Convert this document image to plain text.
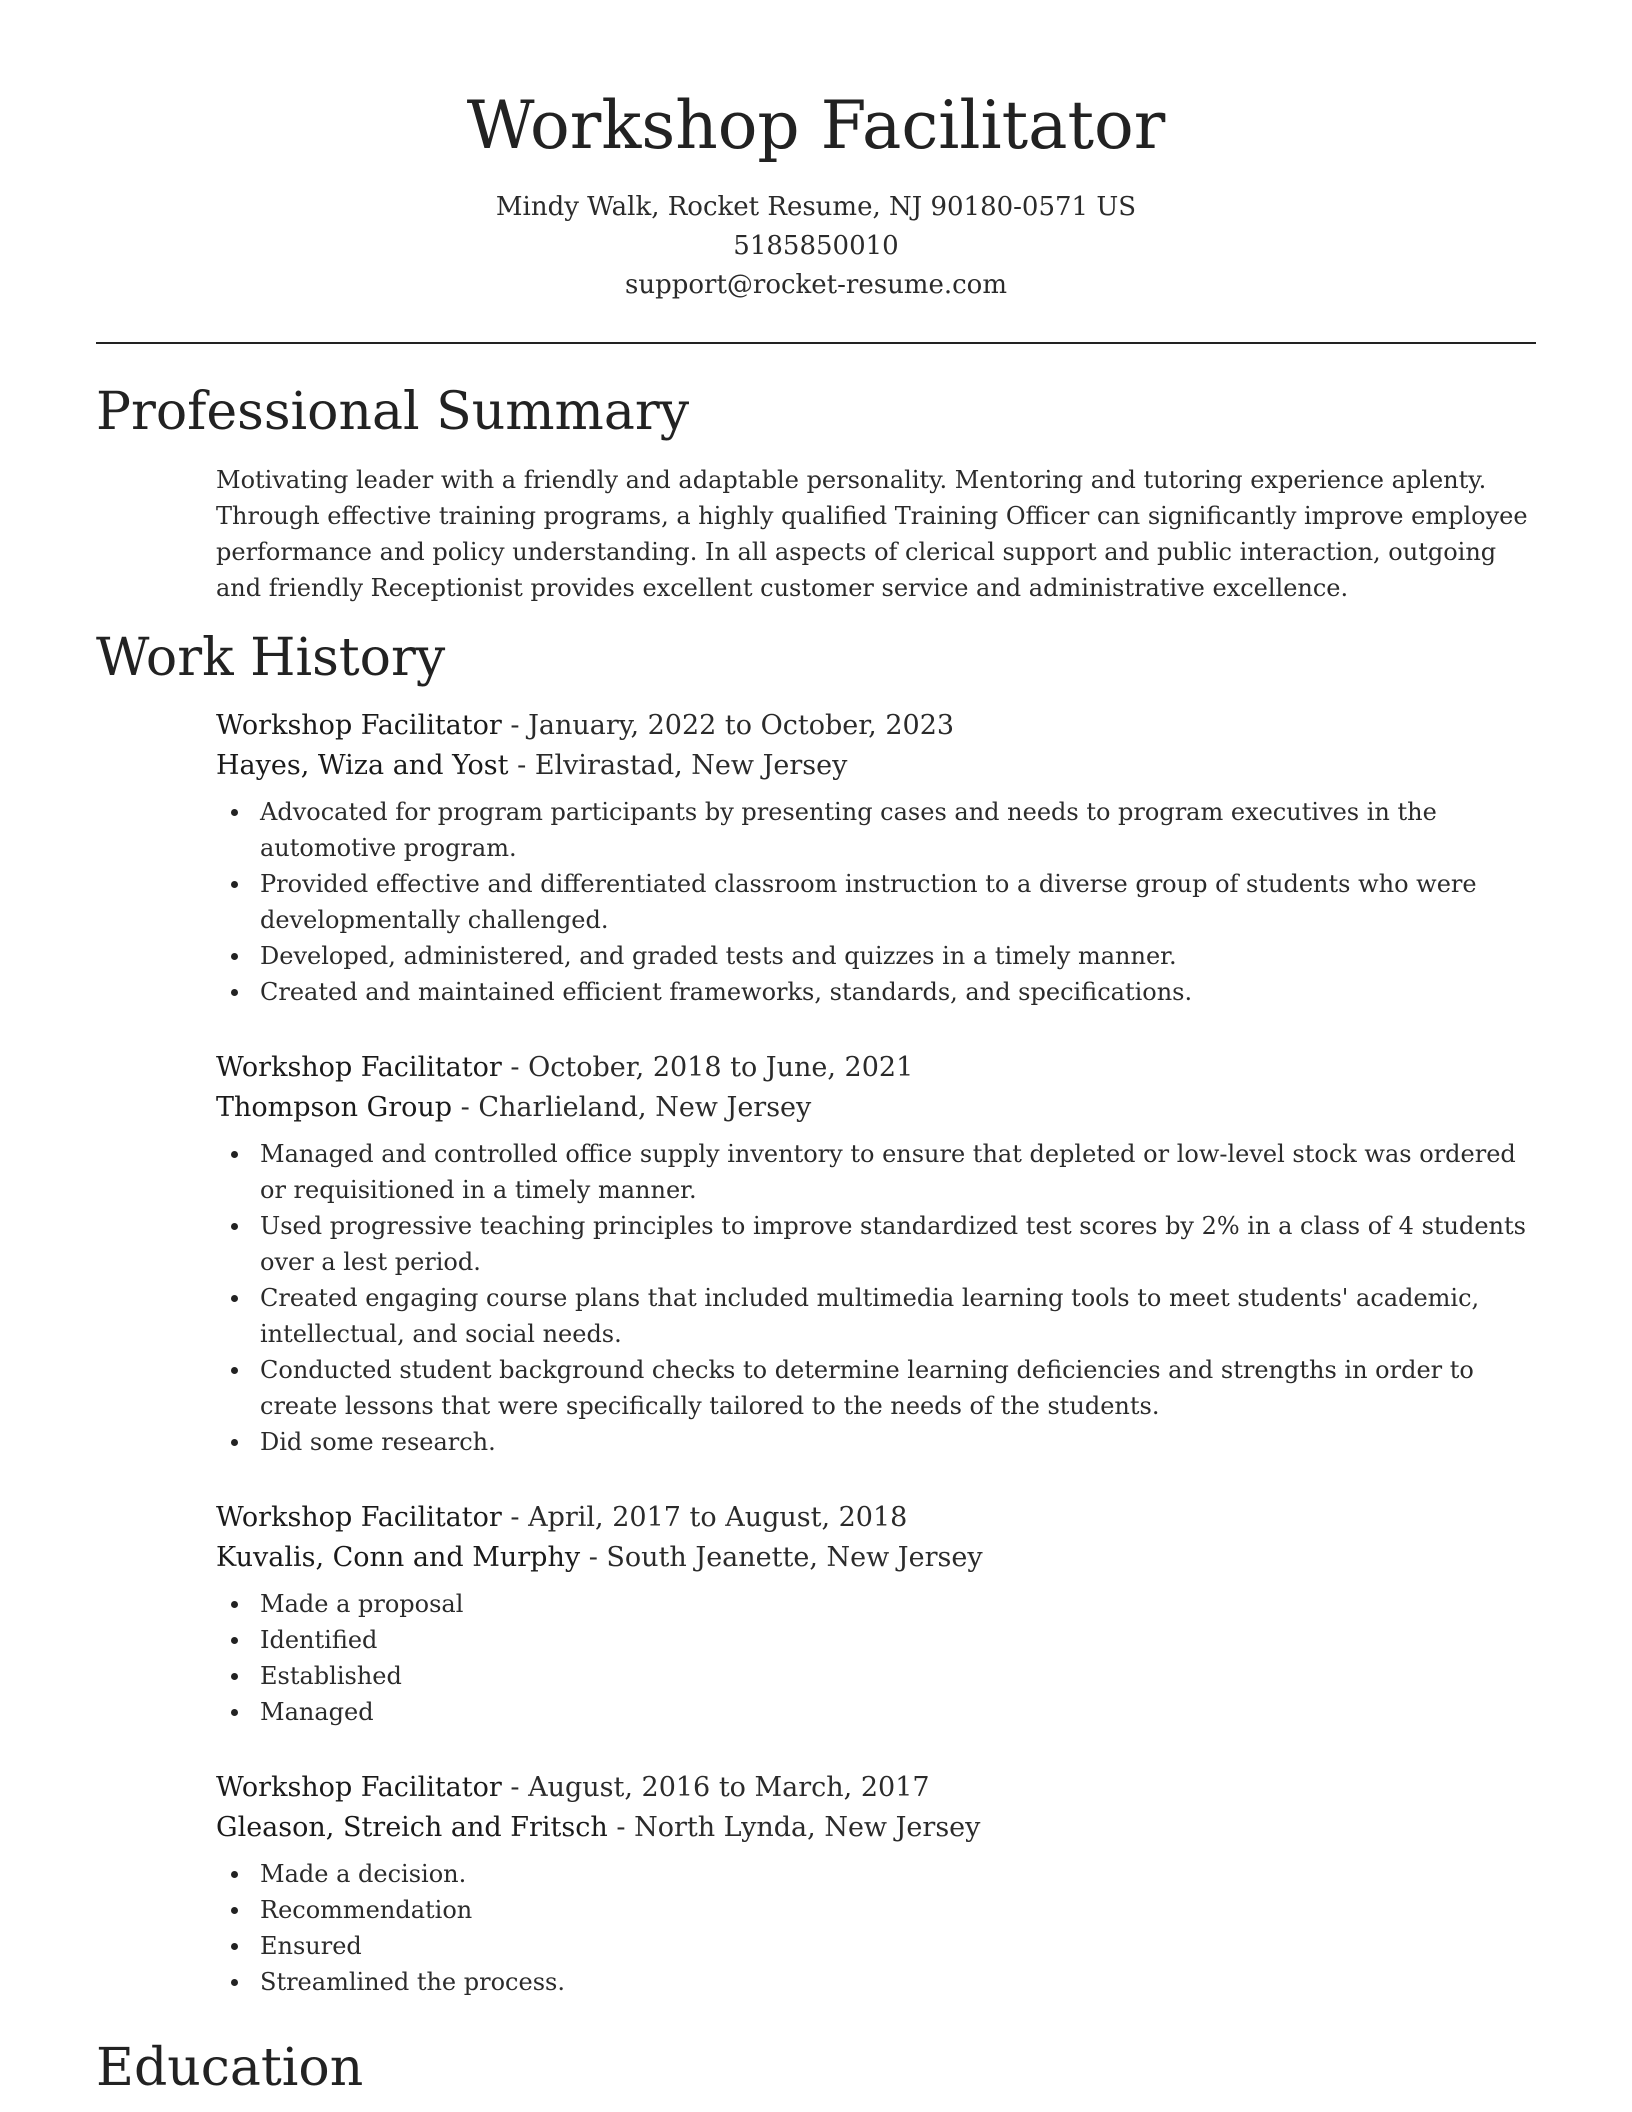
Workshop Facilitator
Mindy Walk, Rocket Resume, NJ 90180-0571 US
5185850010
support@rocket-resume.com
Professional Summary

Motivating leader with a friendly and adaptable personality. Mentoring and tutoring experience aplenty. Through effective training programs, a highly qualified Training Officer can significantly improve employee performance and policy understanding. In all aspects of clerical support and public interaction, outgoing and friendly Receptionist provides excellent customer service and administrative excellence.

Work History
Workshop Facilitator - January, 2022 to October, 2023
Hayes, Wiza and Yost - Elvirastad, New Jersey
Advocated for program participants by presenting cases and needs to program executives in the automotive program.
Provided effective and differentiated classroom instruction to a diverse group of students who were developmentally challenged.
Developed, administered, and graded tests and quizzes in a timely manner.
Created and maintained efficient frameworks, standards, and specifications.
Workshop Facilitator - October, 2018 to June, 2021
Thompson Group - Charlieland, New Jersey
Managed and controlled office supply inventory to ensure that depleted or low-level stock was ordered or requisitioned in a timely manner.
Used progressive teaching principles to improve standardized test scores by 2% in a class of 4 students over a lest period.
Created engaging course plans that included multimedia learning tools to meet students' academic, intellectual, and social needs.
Conducted student background checks to determine learning deficiencies and strengths in order to create lessons that were specifically tailored to the needs of the students.
Did some research.
Workshop Facilitator - April, 2017 to August, 2018
Kuvalis, Conn and Murphy - South Jeanette, New Jersey
Made a proposal
Identified
Established
Managed
Workshop Facilitator - August, 2016 to March, 2017
Gleason, Streich and Fritsch - North Lynda, New Jersey
Made a decision.
Recommendation
Ensured
Streamlined the process.
Education
